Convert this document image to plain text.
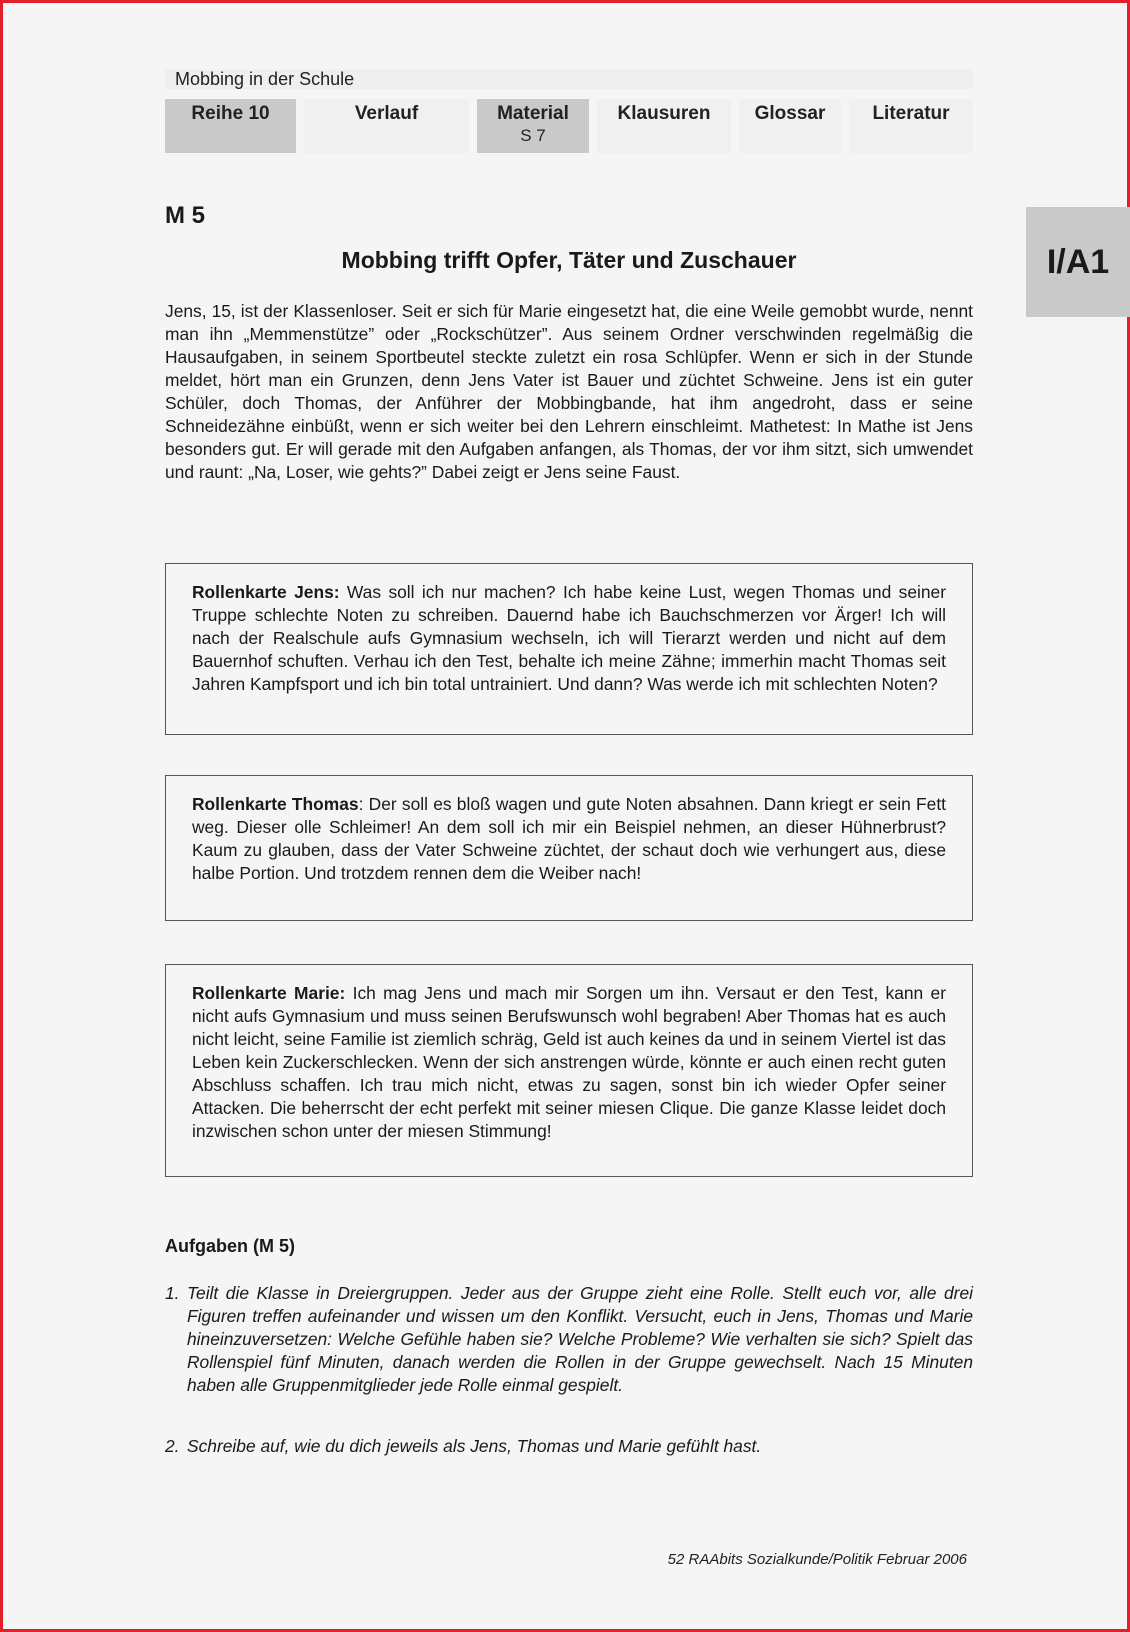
Mobbing in der Schule
Reihe 10	Verlauf	Material
S 7
Klausuren	Glossar	Literatur
I/A1
M 5
Mobbing trifft Opfer, Täter und Zuschauer

Jens, 15, ist der Klassenloser. Seit er sich für Marie eingesetzt hat, die eine Weile gemobbt wurde, nennt man ihn „Memmenstütze” oder „Rockschützer”. Aus seinem Ordner verschwinden regelmäßig die Hausaufgaben, in seinem Sportbeutel steckte zuletzt ein rosa Schlüpfer. Wenn er sich in der Stunde meldet, hört man ein Grunzen, denn Jens Vater ist Bauer und züchtet Schweine. Jens ist ein guter Schüler, doch Thomas, der Anführer der Mobbingbande, hat ihm angedroht, dass er seine Schneidezähne einbüßt, wenn er sich weiter bei den Lehrern einschleimt. Mathetest: In Mathe ist Jens besonders gut. Er will gerade mit den Aufgaben anfangen, als Thomas, der vor ihm sitzt, sich umwendet und raunt: „Na, Loser, wie gehts?” Dabei zeigt er Jens seine Faust.

Rollenkarte Jens: Was soll ich nur machen? Ich habe keine Lust, wegen Thomas und seiner Truppe schlechte Noten zu schreiben. Dauernd habe ich Bauchschmerzen vor Ärger! Ich will nach der Realschule aufs Gymnasium wechseln, ich will Tierarzt werden und nicht auf dem Bauernhof schuften. Verhau ich den Test, behalte ich meine Zähne; immerhin macht Thomas seit Jahren Kampfsport und ich bin total untrainiert. Und dann? Was werde ich mit schlechten Noten?
Rollenkarte Thomas: Der soll es bloß wagen und gute Noten absahnen. Dann kriegt er sein Fett weg. Dieser olle Schleimer! An dem soll ich mir ein Beispiel nehmen, an dieser Hühnerbrust? Kaum zu glauben, dass der Vater Schweine züchtet, der schaut doch wie verhungert aus, diese halbe Portion. Und trotzdem rennen dem die Weiber nach!
Rollenkarte Marie: Ich mag Jens und mach mir Sorgen um ihn. Versaut er den Test, kann er nicht aufs Gymnasium und muss seinen Berufswunsch wohl begraben! Aber Thomas hat es auch nicht leicht, seine Familie ist ziemlich schräg, Geld ist auch keines da und in seinem Viertel ist das Leben kein Zuckerschlecken. Wenn der sich anstrengen würde, könnte er auch einen recht guten Abschluss schaffen. Ich trau mich nicht, etwas zu sagen, sonst bin ich wieder Opfer seiner Attacken. Die beherrscht der echt perfekt mit seiner miesen Clique. Die ganze Klasse leidet doch inzwischen schon unter der miesen Stimmung!
Aufgaben (M 5)
1. Teilt die Klasse in Dreiergruppen. Jeder aus der Gruppe zieht eine Rolle. Stellt euch vor, alle drei Figuren treffen aufeinander und wissen um den Konflikt. Versucht, euch in Jens, Thomas und Marie hineinzuversetzen: Welche Gefühle haben sie? Welche Probleme? Wie verhalten sie sich? Spielt das Rollenspiel fünf Minuten, danach werden die Rollen in der Gruppe gewechselt. Nach 15 Minuten haben alle Gruppenmitglieder jede Rolle einmal gespielt.
2. Schreibe auf, wie du dich jeweils als Jens, Thomas und Marie gefühlt hast.
52 RAAbits Sozialkunde/Politik Februar 2006
